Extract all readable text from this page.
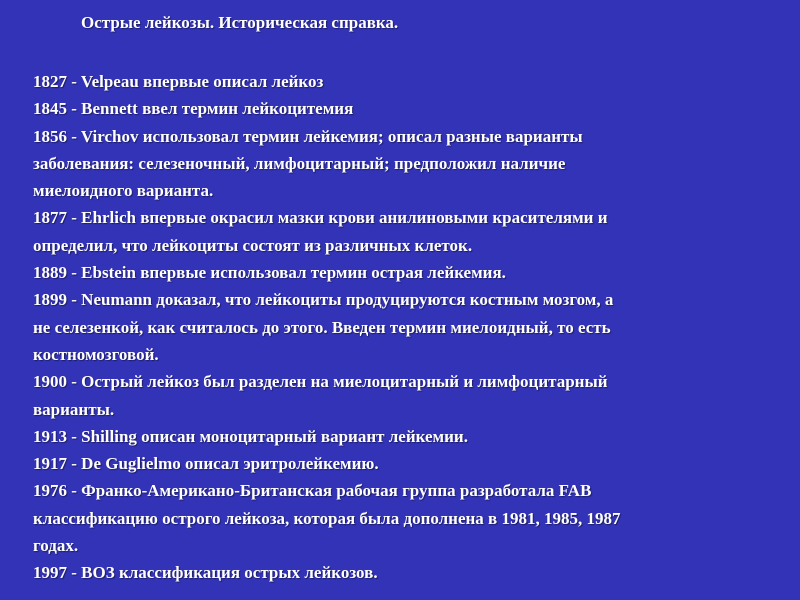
Острые лейкозы. Историческая справка.
1827 - Velpeau впервые описал лейкоз
1845 - Bennett ввел термин лейкоцитемия
1856 - Virchov использовал термин лейкемия; описал разные варианты
заболевания: селезеночный, лимфоцитарный; предположил наличие
миелоидного варианта.
1877 - Ehrlich впервые окрасил мазки крови анилиновыми красителями и
определил, что лейкоциты состоят из различных клеток.
1889 - Ebstein впервые использовал термин острая лейкемия.
1899 - Neumann доказал, что лейкоциты продуцируются костным мозгом, а
не селезенкой, как считалось до этого. Введен термин миелоидный, то есть
костномозговой.
1900 - Острый лейкоз был разделен на миелоцитарный и лимфоцитарный
варианты.
1913 - Shilling описан моноцитарный вариант лейкемии.
1917 - De Guglielmo описал эритролейкемию.
1976 - Франко-Американо-Британская рабочая группа разработала FAB
классификацию острого лейкоза, которая была дополнена в 1981, 1985, 1987
годах.
1997 - ВОЗ классификация острых лейкозов.
